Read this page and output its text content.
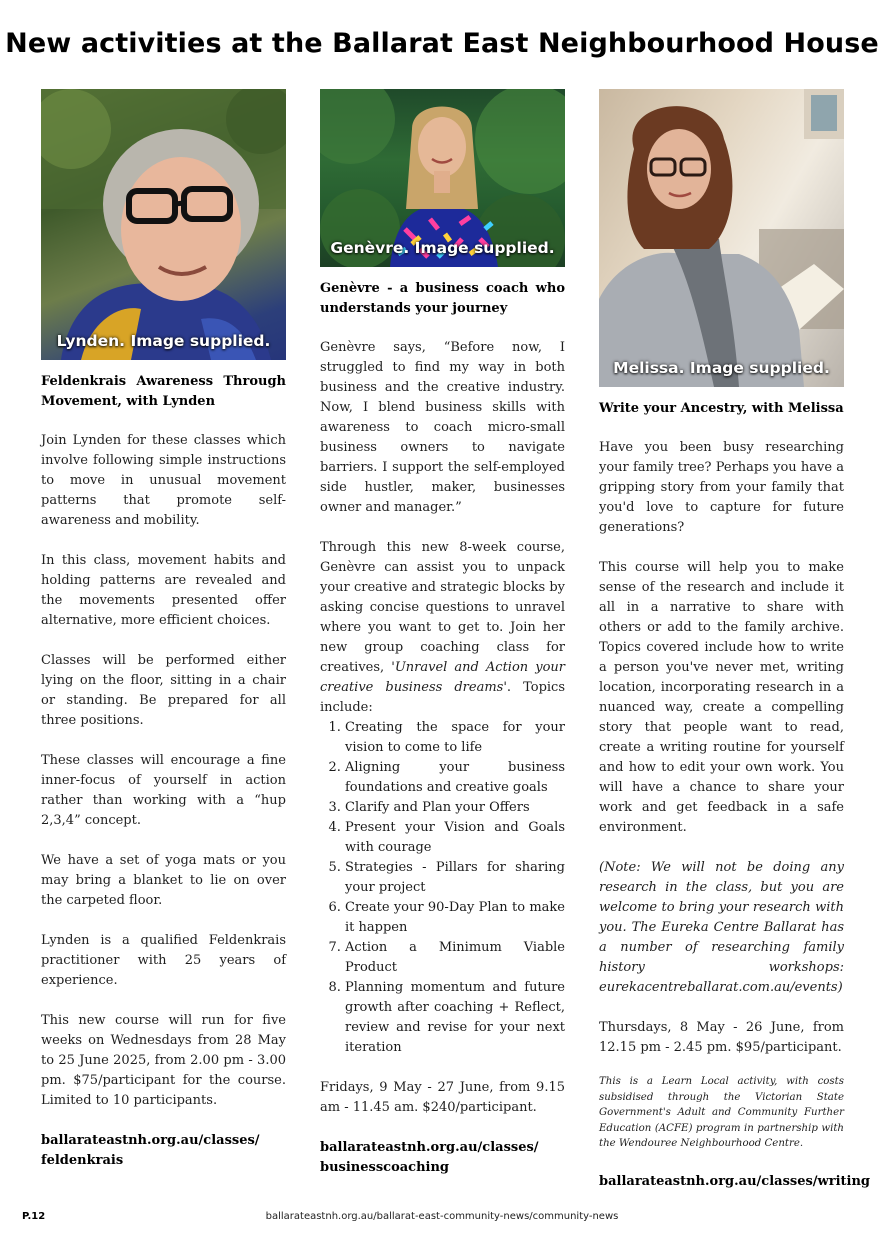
New activities at the Ballarat East Neighbourhood House
Lynden. Image supplied.

Feldenkrais Awareness Through Movement, with Lynden

Join Lynden for these classes which involve following simple instructions to move in unusual movement patterns that promote self-awareness and mobility.

In this class, movement habits and holding patterns are revealed and the movements presented offer alternative, more efficient choices.

Classes will be performed either lying on the floor, sitting in a chair or standing. Be prepared for all three positions.

These classes will encourage a fine inner-focus of yourself in action rather than working with a “hup 2,3,4” concept.

We have a set of yoga mats or you may bring a blanket to lie on over the carpeted floor.

Lynden is a qualified Feldenkrais practitioner with 25 years of experience.

This new course will run for five weeks on Wednesdays from 28 May to 25 June 2025, from 2.00 pm - 3.00 pm. $75/participant for the course. Limited to 10 participants.

ballarateastnh.org.au/classes/
feldenkrais

Genèvre. Image supplied.

Genèvre - a business coach who understands your journey

Genèvre says, “Before now, I struggled to find my way in both business and the creative industry. Now, I blend business skills with awareness to coach micro-small business owners to navigate barriers. I support the self-employed side hustler, maker, businesses owner and manager.”

Through this new 8-week course, Genèvre can assist you to unpack your creative and strategic blocks by asking concise questions to unravel where you want to get to. Join her new group coaching class for creatives, 'Unravel and Action your creative business dreams'. Topics include:

1. Creating the space for your vision to come to life
2. Aligning your business foundations and creative goals
3. Clarify and Plan your Offers
4. Present your Vision and Goals with courage
5. Strategies - Pillars for sharing your project
6. Create your 90-Day Plan to make it happen
7. Action a Minimum Viable Product
8. Planning momentum and future growth after coaching + Reflect, review and revise for your next iteration

Fridays, 9 May - 27 June, from 9.15 am - 11.45 am. $240/participant.

ballarateastnh.org.au/classes/
businesscoaching

Melissa. Image supplied.

Write your Ancestry, with Melissa

Have you been busy researching your family tree? Perhaps you have a gripping story from your family that you'd love to capture for future generations?

This course will help you to make sense of the research and include it all in a narrative to share with others or add to the family archive. Topics covered include how to write a person you've never met, writing location, incorporating research in a nuanced way, create a compelling story that people want to read, create a writing routine for yourself and how to edit your own work. You will have a chance to share your work and get feedback in a safe environment.

(Note: We will not be doing any research in the class, but you are welcome to bring your research with you. The Eureka Centre Ballarat has a number of researching family history workshops: eurekacentreballarat.com.au/events)

Thursdays, 8 May - 26 June, from 12.15 pm - 2.45 pm. $95/participant.

This is a Learn Local activity, with costs subsidised through the Victorian State Government's Adult and Community Further Education (ACFE) program in partnership with the Wendouree Neighbourhood Centre.

ballarateastnh.org.au/classes/writing

P.12	ballarateastnh.org.au/ballarat-east-community-news/community-news
